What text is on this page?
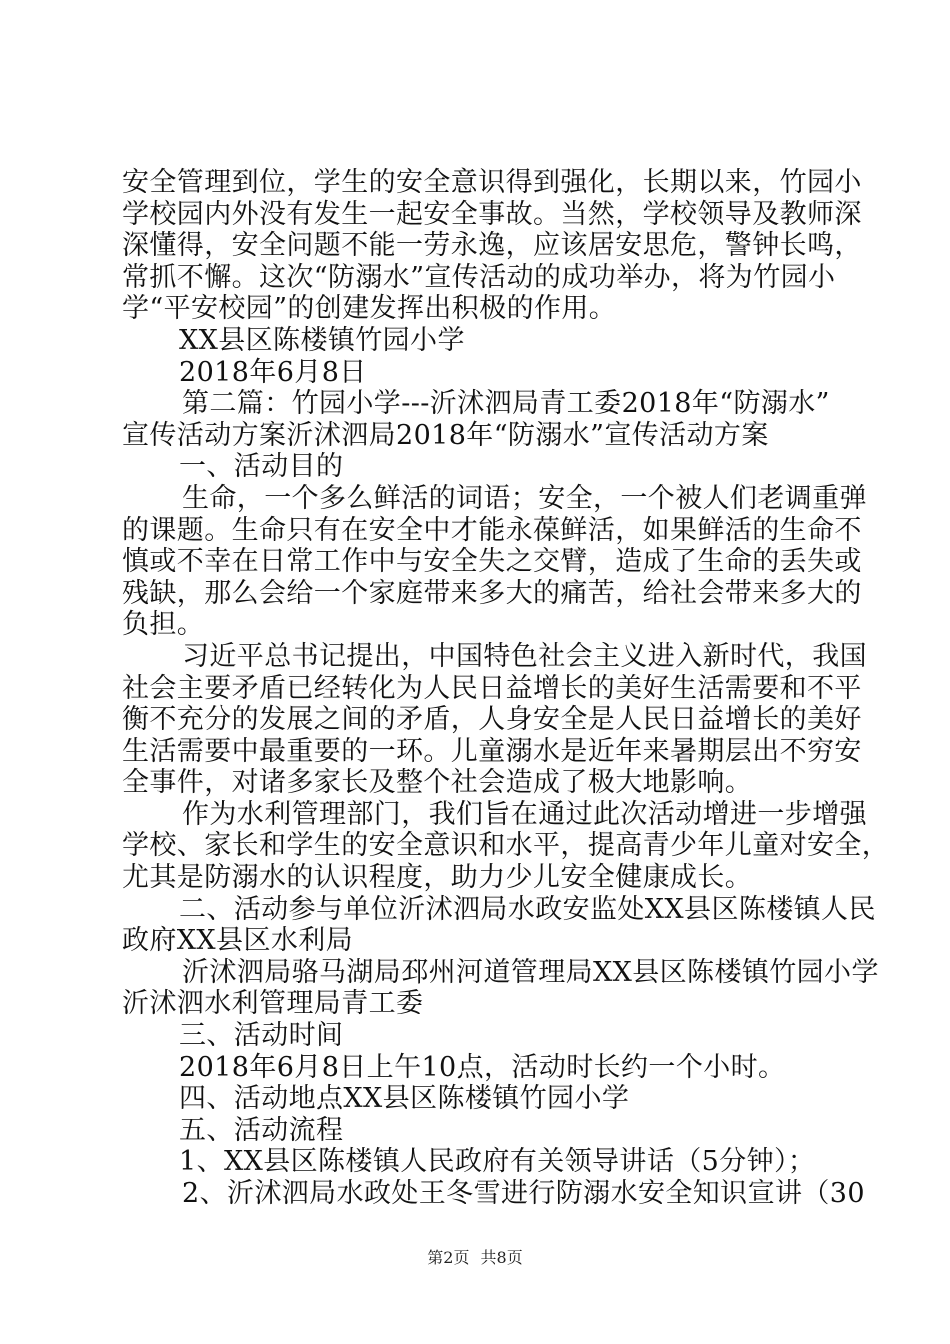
安全管理到位，学生的安全意识得到强化，长期以来，竹园小
学校园内外没有发生一起安全事故。当然，学校领导及教师深
深懂得，安全问题不能一劳永逸，应该居安思危，警钟长鸣，
常抓不懈。这次“防溺水”宣传活动的成功举办，将为竹园小
学“平安校园”的创建发挥出积极的作用。
XX县区陈楼镇竹园小学
2018年6月8日
第二篇：竹园小学---沂沭泗局青工委2018年“防溺水”
宣传活动方案沂沭泗局2018年“防溺水”宣传活动方案
一、活动目的
生命，一个多么鲜活的词语；安全，一个被人们老调重弹
的课题。生命只有在安全中才能永葆鲜活，如果鲜活的生命不
慎或不幸在日常工作中与安全失之交臂，造成了生命的丢失或
残缺，那么会给一个家庭带来多大的痛苦，给社会带来多大的
负担。
习近平总书记提出，中国特色社会主义进入新时代，我国
社会主要矛盾已经转化为人民日益增长的美好生活需要和不平
衡不充分的发展之间的矛盾，人身安全是人民日益增长的美好
生活需要中最重要的一环。儿童溺水是近年来暑期层出不穷安
全事件，对诸多家长及整个社会造成了极大地影响。
作为水利管理部门，我们旨在通过此次活动增进一步增强
学校、家长和学生的安全意识和水平，提高青少年儿童对安全，
尤其是防溺水的认识程度，助力少儿安全健康成长。
二、活动参与单位沂沭泗局水政安监处XX县区陈楼镇人民
政府XX县区水利局
沂沭泗局骆马湖局邳州河道管理局XX县区陈楼镇竹园小学
沂沭泗水利管理局青工委
三、活动时间
2018年6月8日上午10点，活动时长约一个小时。
四、活动地点XX县区陈楼镇竹园小学
五、活动流程
1、XX县区陈楼镇人民政府有关领导讲话（5分钟）；
2、沂沭泗局水政处王冬雪进行防溺水安全知识宣讲（30
第2页 共8页
